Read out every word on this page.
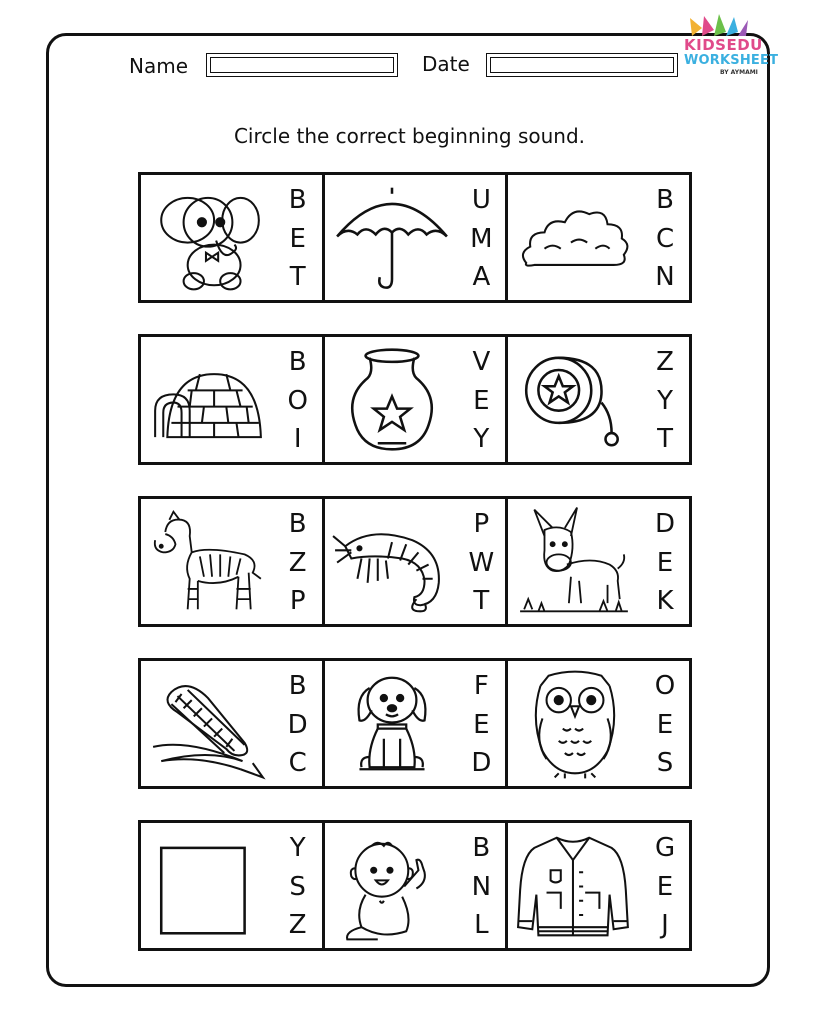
KIDSEDU
WORKSHEET
BY AYMAMI
Name	Date
Circle the correct beginning sound.
B
E
T
U
M
A
B
C
N
B
O
I
V
E
Y
Z
Y
T
B
Z
P
P
W
T
D
E
K
B
D
C
F
E
D
O
E
S
Y
S
Z
B
N
L
G
E
J
